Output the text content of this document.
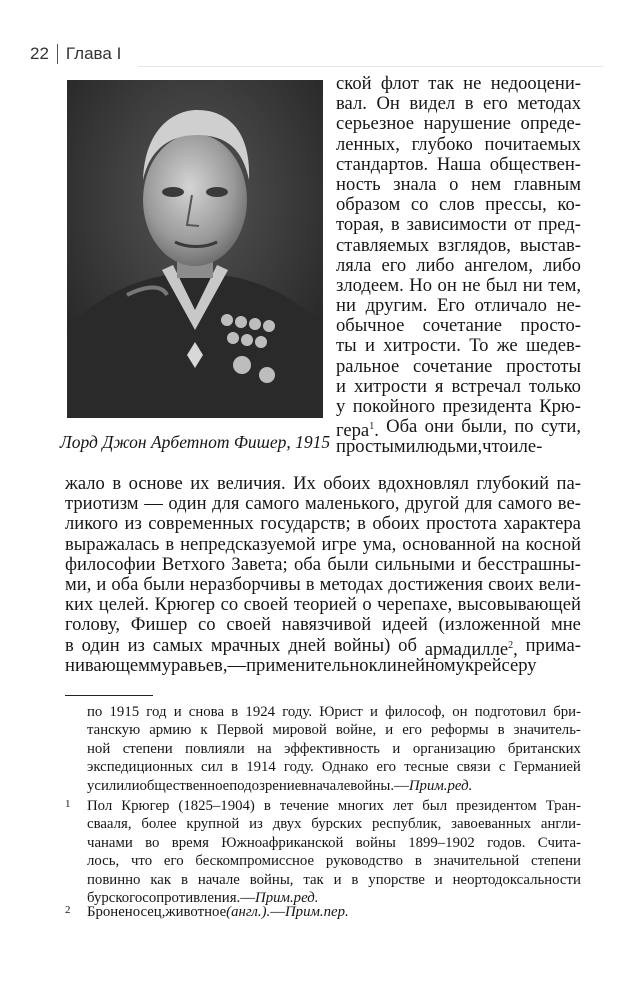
22 Глава I
Лорд Джон Арбетнот Фишер, 1915
ской флот так не недооцени-
вал. Он видел в его методах
серьезное нарушение опреде-
ленных, глубоко почитаемых
стандартов. Наша обществен-
ность знала о нем главным
образом со слов прессы, ко-
торая, в зависимости от пред-
ставляемых взглядов, выстав-
ляла его либо ангелом, либо
злодеем. Но он не был ни тем,
ни другим. Его отличало не-
обычное сочетание просто-
ты и хитрости. То же шедев-
ральное сочетание простоты
и хитрости я встречал только
у покойного президента Крю-
гера$^1$. Оба они были, по сути,
простыми людьми, что и ле-
жало в основе их величия. Их обоих вдохновлял глубокий па-
триотизм — один для самого маленького, другой для самого ве-
ликого из современных государств; в обоих простота характера
выражалась в непредсказуемой игре ума, основанной на косной
философии Ветхого Завета; оба были сильными и бесстрашны-
ми, и оба были неразборчивы в методах достижения своих вели-
ких целей. Крюгер со своей теорией о черепахе, высовывающей
голову, Фишер со своей навязчивой идеей (изложенной мне
в один из самых мрачных дней войны) об армадилле$^2$, прима-
нивающем муравьев, — применительно к линейному крейсеру
по 1915 год и снова в 1924 году. Юрист и философ, он подготовил бри-
танскую армию к Первой мировой войне, и его реформы в значитель-
ной степени повлияли на эффективность и организацию британских
экспедиционных сил в 1914 году. Однако его тесные связи с Германией
усилили общественное подозрение в начале войны. — Прим. ред.
1 Пол Крюгер (1825–1904) в течение многих лет был президентом Тран-
свааля, более крупной из двух бурских республик, завоеванных англи-
чанами во время Южноафриканской войны 1899–1902 годов. Счита-
лось, что его бескомпромиссное руководство в значительной степени
повинно как в начале войны, так и в упорстве и неортодоксальности
бурского сопротивления. — Прим. ред.
2 Броненосец, животное (англ.). — Прим. пер.
